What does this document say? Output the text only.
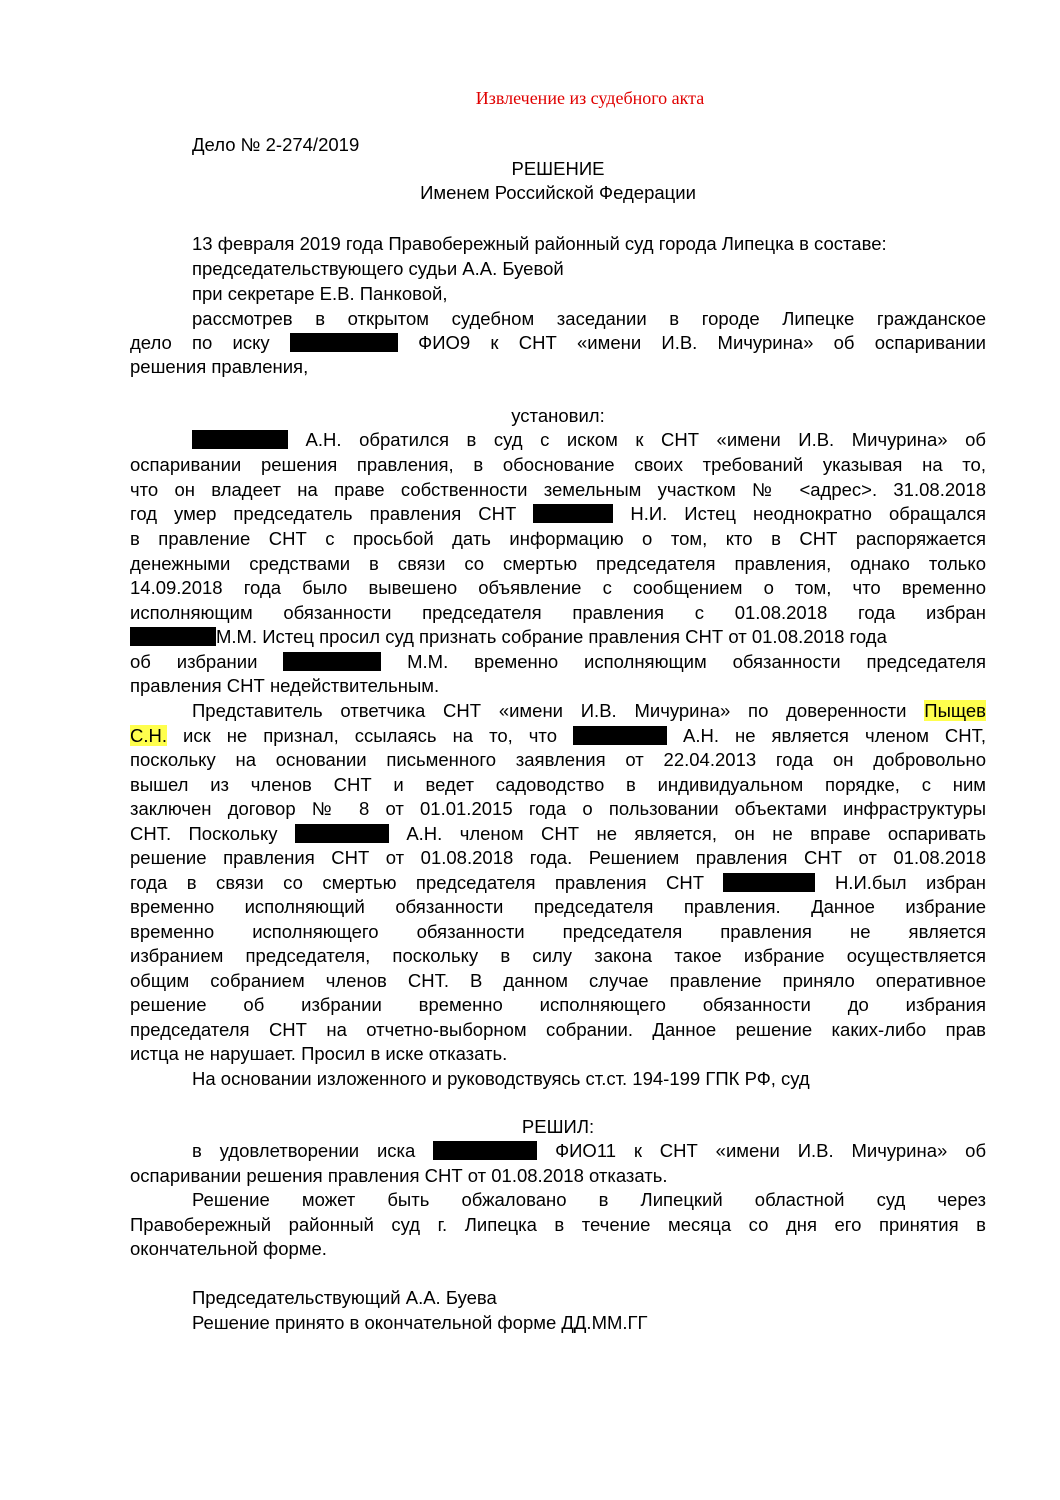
Извлечение из судебного акта
Дело № 2-274/2019
РЕШЕНИЕ
Именем Российской Федерации
13 февраля 2019 года Правобережный районный суд города Липецка в составе:
председательствующего судьи А.А. Буевой
при секретаре Е.В. Панковой,
рассмотрев в открытом судебном заседании в городе Липецке гражданское
дело по иску	ФИО9 к СНТ «имени И.В. Мичурина» об оспаривании
решения правления,
установил:
А.Н. обратился в суд с иском к СНТ «имени И.В. Мичурина» об
оспаривании решения правления, в обоснование своих требований указывая на то,
что он владеет на праве собственности земельным участком № <адрес>. 31.08.2018
год умер председатель правления СНТ	Н.И. Истец неоднократно обращался
в правление СНТ с просьбой дать информацию о том, кто в СНТ распоряжается
денежными средствами в связи со смертью председателя правления, однако только
14.09.2018 года было вывешено объявление с сообщением о том, что временно
исполняющим обязанности председателя правления с 01.08.2018 года избран
М.М. Истец просил суд признать собрание правления СНТ от 01.08.2018 года
об избрании	М.М. временно исполняющим обязанности председателя
правления СНТ недействительным.
Представитель ответчика СНТ «имени И.В. Мичурина» по доверенности Пыщев
С.Н. иск не признал, ссылаясь на то, что	А.Н. не является членом СНТ,
поскольку на основании письменного заявления от 22.04.2013 года он добровольно
вышел из членов СНТ и ведет садоводство в индивидуальном порядке, с ним
заключен договор № 8 от 01.01.2015 года о пользовании объектами инфраструктуры
СНТ. Поскольку	А.Н. членом СНТ не является, он не вправе оспаривать
решение правления СНТ от 01.08.2018 года. Решением правления СНТ от 01.08.2018
года в связи со смертью председателя правления СНТ	Н.И.был избран
временно исполняющий обязанности председателя правления. Данное избрание
временно исполняющего обязанности председателя правления не является
избранием председателя, поскольку в силу закона такое избрание осуществляется
общим собранием членов СНТ. В данном случае правление приняло оперативное
решение об избрании временно исполняющего обязанности до избрания
председателя СНТ на отчетно-выборном собрании. Данное решение каких-либо прав
истца не нарушает. Просил в иске отказать.
На основании изложенного и руководствуясь ст.ст. 194-199 ГПК РФ, суд
РЕШИЛ:
в удовлетворении иска	ФИО11 к СНТ «имени И.В. Мичурина» об
оспаривании решения правления СНТ от 01.08.2018 отказать.
Решение может быть обжаловано в Липецкий областной суд через
Правобережный районный суд г. Липецка в течение месяца со дня его принятия в
окончательной форме.
Председательствующий А.А. Буева
Решение принято в окончательной форме ДД.ММ.ГГ
